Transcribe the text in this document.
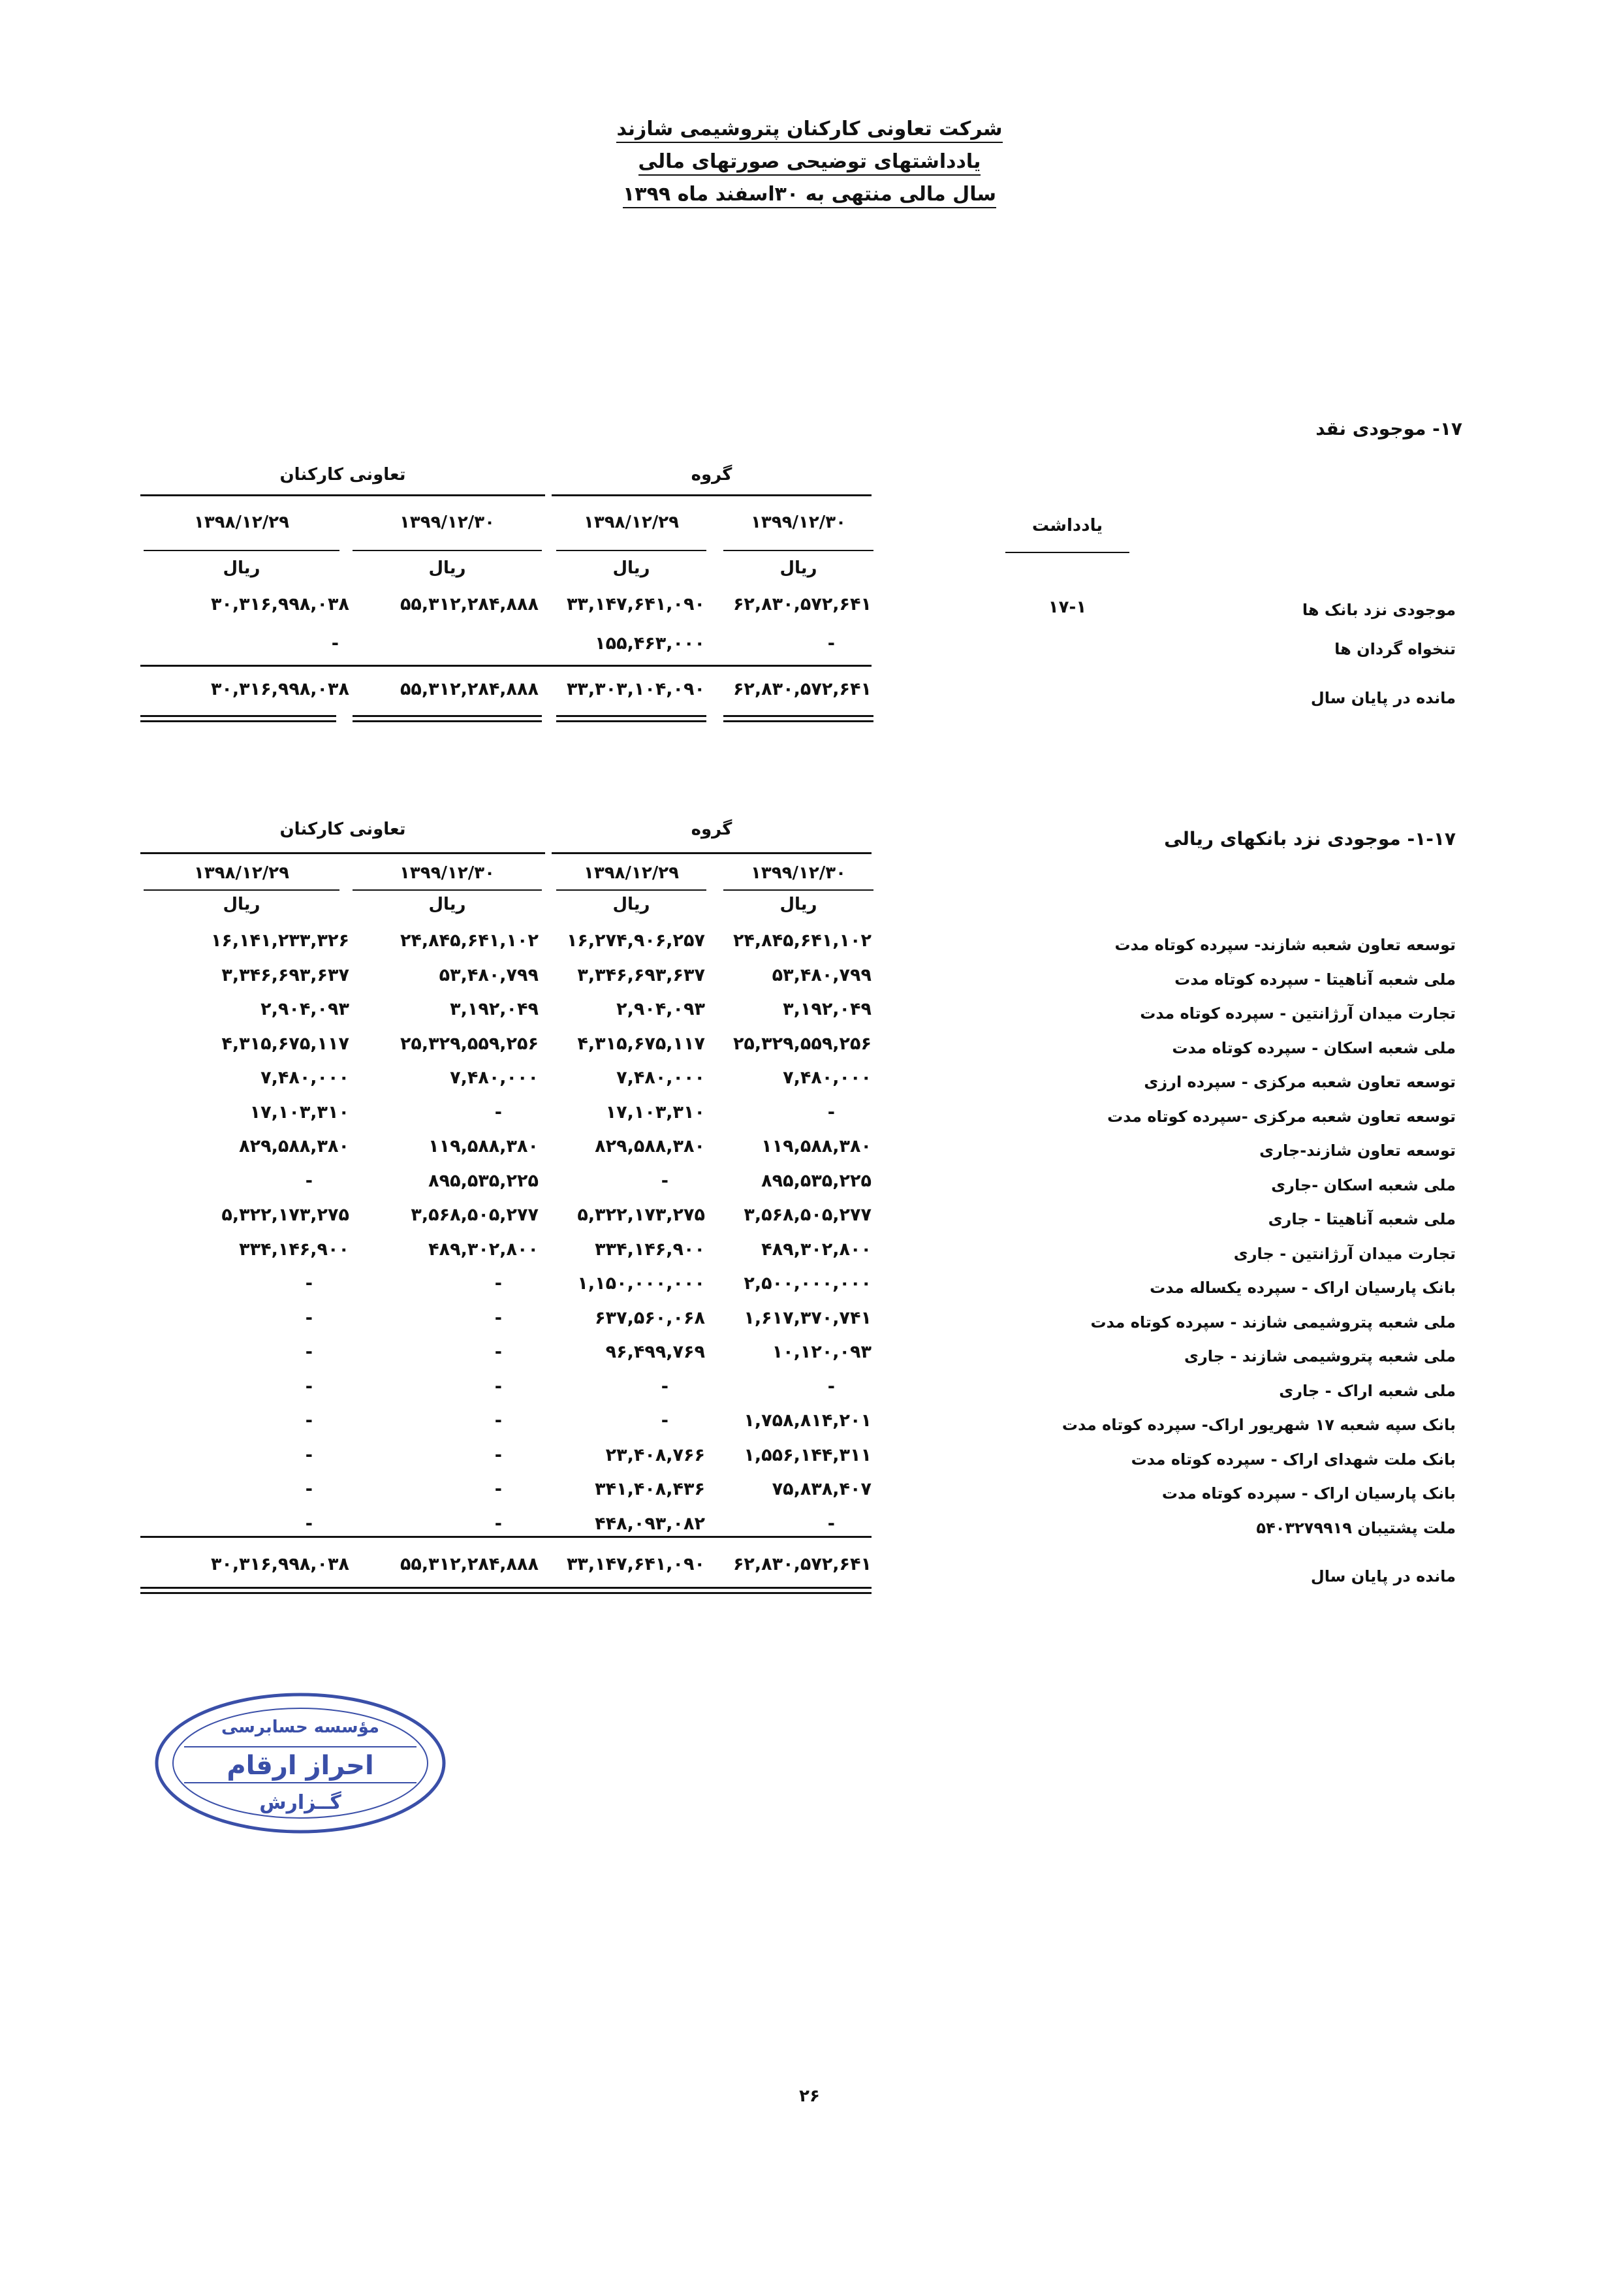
شرکت تعاونی کارکنان پتروشیمی شازند
یادداشتهای توضیحی صورتهای مالی
سال مالی منتهی به ۳۰اسفند ماه ۱۳۹۹
۱۷- موجودی نقد
گروه
تعاونی کارکنان
۱۳۹۹/۱۲/۳۰
۱۳۹۸/۱۲/۲۹
۱۳۹۹/۱۲/۳۰
۱۳۹۸/۱۲/۲۹	یادداشت
ریال
ریال
ریال
ریال
موجودی نزد بانک ها
۱۷-۱
۶۲,۸۳۰,۵۷۲,۶۴۱
۳۳,۱۴۷,۶۴۱,۰۹۰
۵۵,۳۱۲,۲۸۴,۸۸۸
۳۰,۳۱۶,۹۹۸,۰۳۸
تنخواه گردان ها
-
۱۵۵,۴۶۳,۰۰۰
-
مانده در پایان سال
۶۲,۸۳۰,۵۷۲,۶۴۱
۳۳,۳۰۳,۱۰۴,۰۹۰
۵۵,۳۱۲,۲۸۴,۸۸۸
۳۰,۳۱۶,۹۹۸,۰۳۸
۱-۱۷- موجودی نزد بانکهای ریالی
گروه
تعاونی کارکنان
۱۳۹۹/۱۲/۳۰
۱۳۹۸/۱۲/۲۹
۱۳۹۹/۱۲/۳۰
۱۳۹۸/۱۲/۲۹
ریال
ریال
ریال
ریال
توسعه تعاون شعبه شازند- سپرده کوتاه مدت
۲۴,۸۴۵,۶۴۱,۱۰۲
۱۶,۲۷۴,۹۰۶,۲۵۷
۲۴,۸۴۵,۶۴۱,۱۰۲
۱۶,۱۴۱,۲۳۳,۳۲۶
ملی شعبه آناهیتا - سپرده کوتاه مدت
۵۳,۴۸۰,۷۹۹
۳,۳۴۶,۶۹۳,۶۳۷
۵۳,۴۸۰,۷۹۹
۳,۳۴۶,۶۹۳,۶۳۷
تجارت میدان آرژانتین - سپرده کوتاه مدت
۳,۱۹۲,۰۴۹
۲,۹۰۴,۰۹۳
۳,۱۹۲,۰۴۹
۲,۹۰۴,۰۹۳
ملی شعبه اسکان - سپرده کوتاه مدت
۲۵,۳۲۹,۵۵۹,۲۵۶
۴,۳۱۵,۶۷۵,۱۱۷
۲۵,۳۲۹,۵۵۹,۲۵۶
۴,۳۱۵,۶۷۵,۱۱۷
توسعه تعاون شعبه مرکزی - سپرده ارزی
۷,۴۸۰,۰۰۰
۷,۴۸۰,۰۰۰
۷,۴۸۰,۰۰۰
۷,۴۸۰,۰۰۰
توسعه تعاون شعبه مرکزی -سپرده کوتاه مدت
-
۱۷,۱۰۳,۳۱۰
-
۱۷,۱۰۳,۳۱۰
توسعه تعاون شازند-جاری
۱۱۹,۵۸۸,۳۸۰
۸۲۹,۵۸۸,۳۸۰
۱۱۹,۵۸۸,۳۸۰
۸۲۹,۵۸۸,۳۸۰
ملی شعبه اسکان -جاری
۸۹۵,۵۳۵,۲۲۵
-
۸۹۵,۵۳۵,۲۲۵
-
ملی شعبه آناهیتا - جاری
۳,۵۶۸,۵۰۵,۲۷۷
۵,۳۲۲,۱۷۳,۲۷۵
۳,۵۶۸,۵۰۵,۲۷۷
۵,۳۲۲,۱۷۳,۲۷۵
تجارت میدان آرژانتین - جاری
۴۸۹,۳۰۲,۸۰۰
۳۳۴,۱۴۶,۹۰۰
۴۸۹,۳۰۲,۸۰۰
۳۳۴,۱۴۶,۹۰۰
بانک پارسیان اراک - سپرده یکساله مدت
۲,۵۰۰,۰۰۰,۰۰۰
۱,۱۵۰,۰۰۰,۰۰۰
-
-
ملی شعبه پتروشیمی شازند - سپرده کوتاه مدت
۱,۶۱۷,۳۷۰,۷۴۱
۶۳۷,۵۶۰,۰۶۸
-
-
ملی شعبه پتروشیمی شازند - جاری
۱۰,۱۲۰,۰۹۳
۹۶,۴۹۹,۷۶۹
-
-
ملی شعبه اراک - جاری
-
-
-
-
بانک سپه شعبه ۱۷ شهریور اراک- سپرده کوتاه مدت
۱,۷۵۸,۸۱۴,۲۰۱
-
-
-
بانک ملت شهدای اراک - سپرده کوتاه مدت
۱,۵۵۶,۱۴۴,۳۱۱
۲۳,۴۰۸,۷۶۶
-
-
بانک پارسیان اراک - سپرده کوتاه مدت
۷۵,۸۳۸,۴۰۷
۳۴۱,۴۰۸,۴۳۶
-
-
ملت پشتیبان ۵۴۰۳۲۷۹۹۱۹
-
۴۴۸,۰۹۳,۰۸۲
-
-
مانده در پایان سال
۶۲,۸۳۰,۵۷۲,۶۴۱
۳۳,۱۴۷,۶۴۱,۰۹۰
۵۵,۳۱۲,۲۸۴,۸۸۸
۳۰,۳۱۶,۹۹۸,۰۳۸
مؤسسه حسابرسی
احراز ارقام
گــزارش
۲۶
